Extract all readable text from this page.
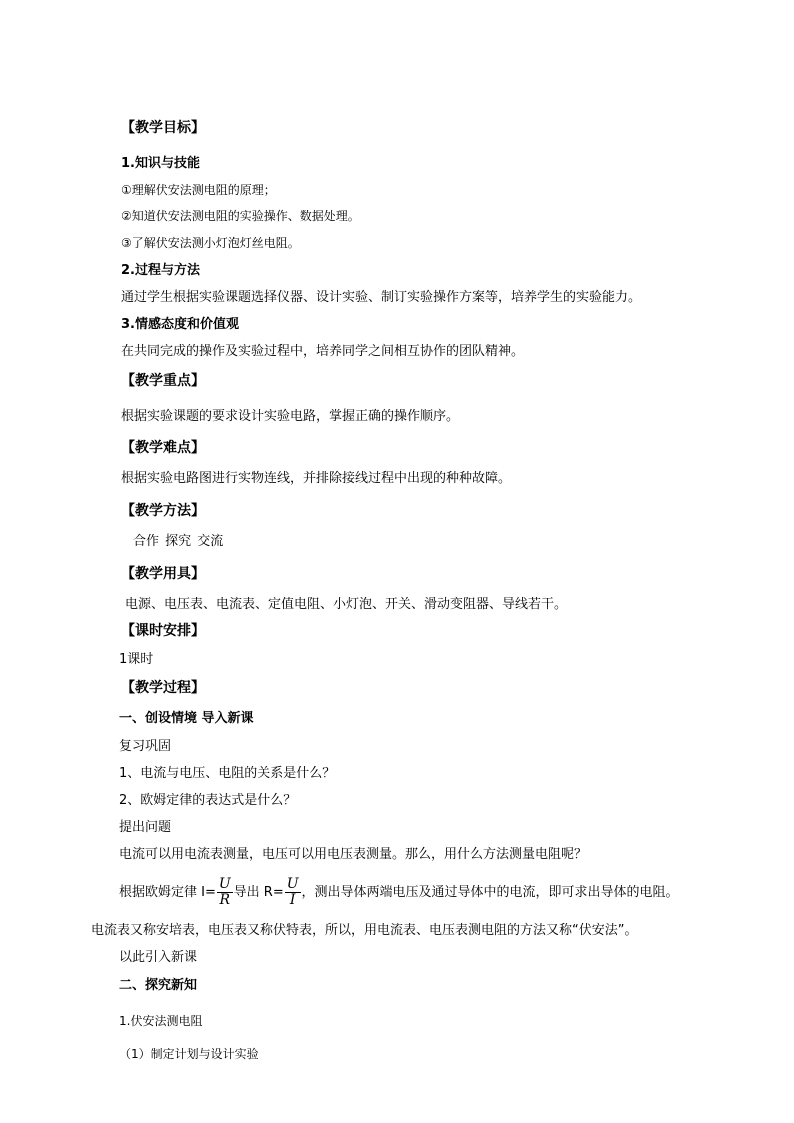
【教学目标】
1.知识与技能
①理解伏安法测电阻的原理；
②知道伏安法测电阻的实验操作、数据处理。
③了解伏安法测小灯泡灯丝电阻。
2.过程与方法
通过学生根据实验课题选择仪器、设计实验、制订实验操作方案等，培养学生的实验能力。
3.情感态度和价值观
在共同完成的操作及实验过程中，培养同学之间相互协作的团队精神。
【教学重点】
根据实验课题的要求设计实验电路，掌握正确的操作顺序。
【教学难点】
根据实验电路图进行实物连线，并排除接线过程中出现的种种故障。
【教学方法】
合作 探究 交流
【教学用具】
电源、电压表、电流表、定值电阻、小灯泡、开关、滑动变阻器、导线若干。
【课时安排】
1课时
【教学过程】
一、创设情境 导入新课
复习巩固
1、电流与电压、电阻的关系是什么？
2、欧姆定律的表达式是什么？
提出问题
电流可以用电流表测量，电压可以用电压表测量。那么，用什么方法测量电阻呢？
根据欧姆定律 $I= \frac{U}{R}$ 导出 $R= \frac{U}{I}$ ，测出导体两端电压及通过导体中的电流，即可求出导体的电阻。
电流表又称安培表，电压表又称伏特表，所以，用电流表、电压表测电阻的方法又称“伏安法”。
以此引入新课
二、探究新知
1.伏安法测电阻
（1）制定计划与设计实验
